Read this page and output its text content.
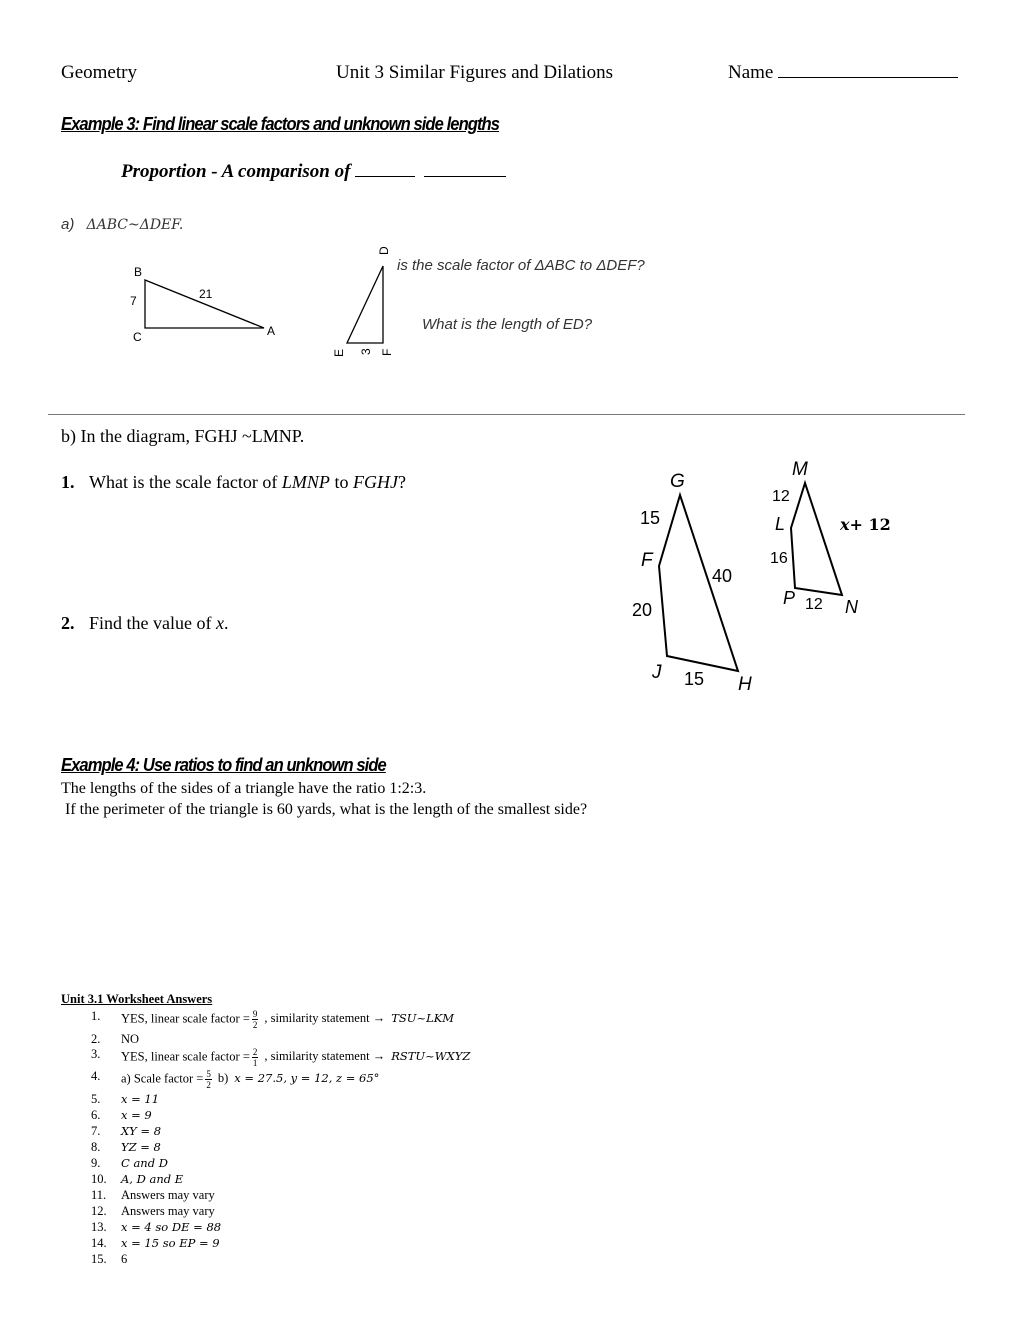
Geometry	Unit 3 Similar Figures and Dilations	Name
Example 3: Find linear scale factors and unknown side lengths
Proportion - A comparison of
a) ΔABC~ΔDEF.
is the scale factor of ΔABC to ΔDEF?
What is the length of ED?
B
C	A
7	21
D
E 3 F
G
F
J
H
15
20
40
15
M
L
P	N
12
16
12
x+ 12
b) In the diagram, FGHJ ~LMNP.
1. What is the scale factor of LMNP to FGHJ?
2. Find the value of x.
Example 4: Use ratios to find an unknown side
The lengths of the sides of a triangle have the ratio 1:2:3.
If the perimeter of the triangle is 60 yards, what is the length of the smallest side?
Unit 3.1 Worksheet Answers
1.	YES, linear scale factor = $\frac{9}{2}$ , similarity statement → TSU~LKM
2.	NO
3.	YES, linear scale factor = $\frac{2}{1}$ , similarity statement → RSTU~WXYZ
4.	a) Scale factor = $\frac{5}{2} b$) x = 27.5, y = 12, z = 65°
5.	x = 11
6.	x = 9
7.	XY = 8
8.	YZ = 8
9.	C and D
10.	A, D and E
11.	Answers may vary
12.	Answers may vary
13.	x = 4 so DE = 88
14.	x = 15 so EP = 9
15.	6
